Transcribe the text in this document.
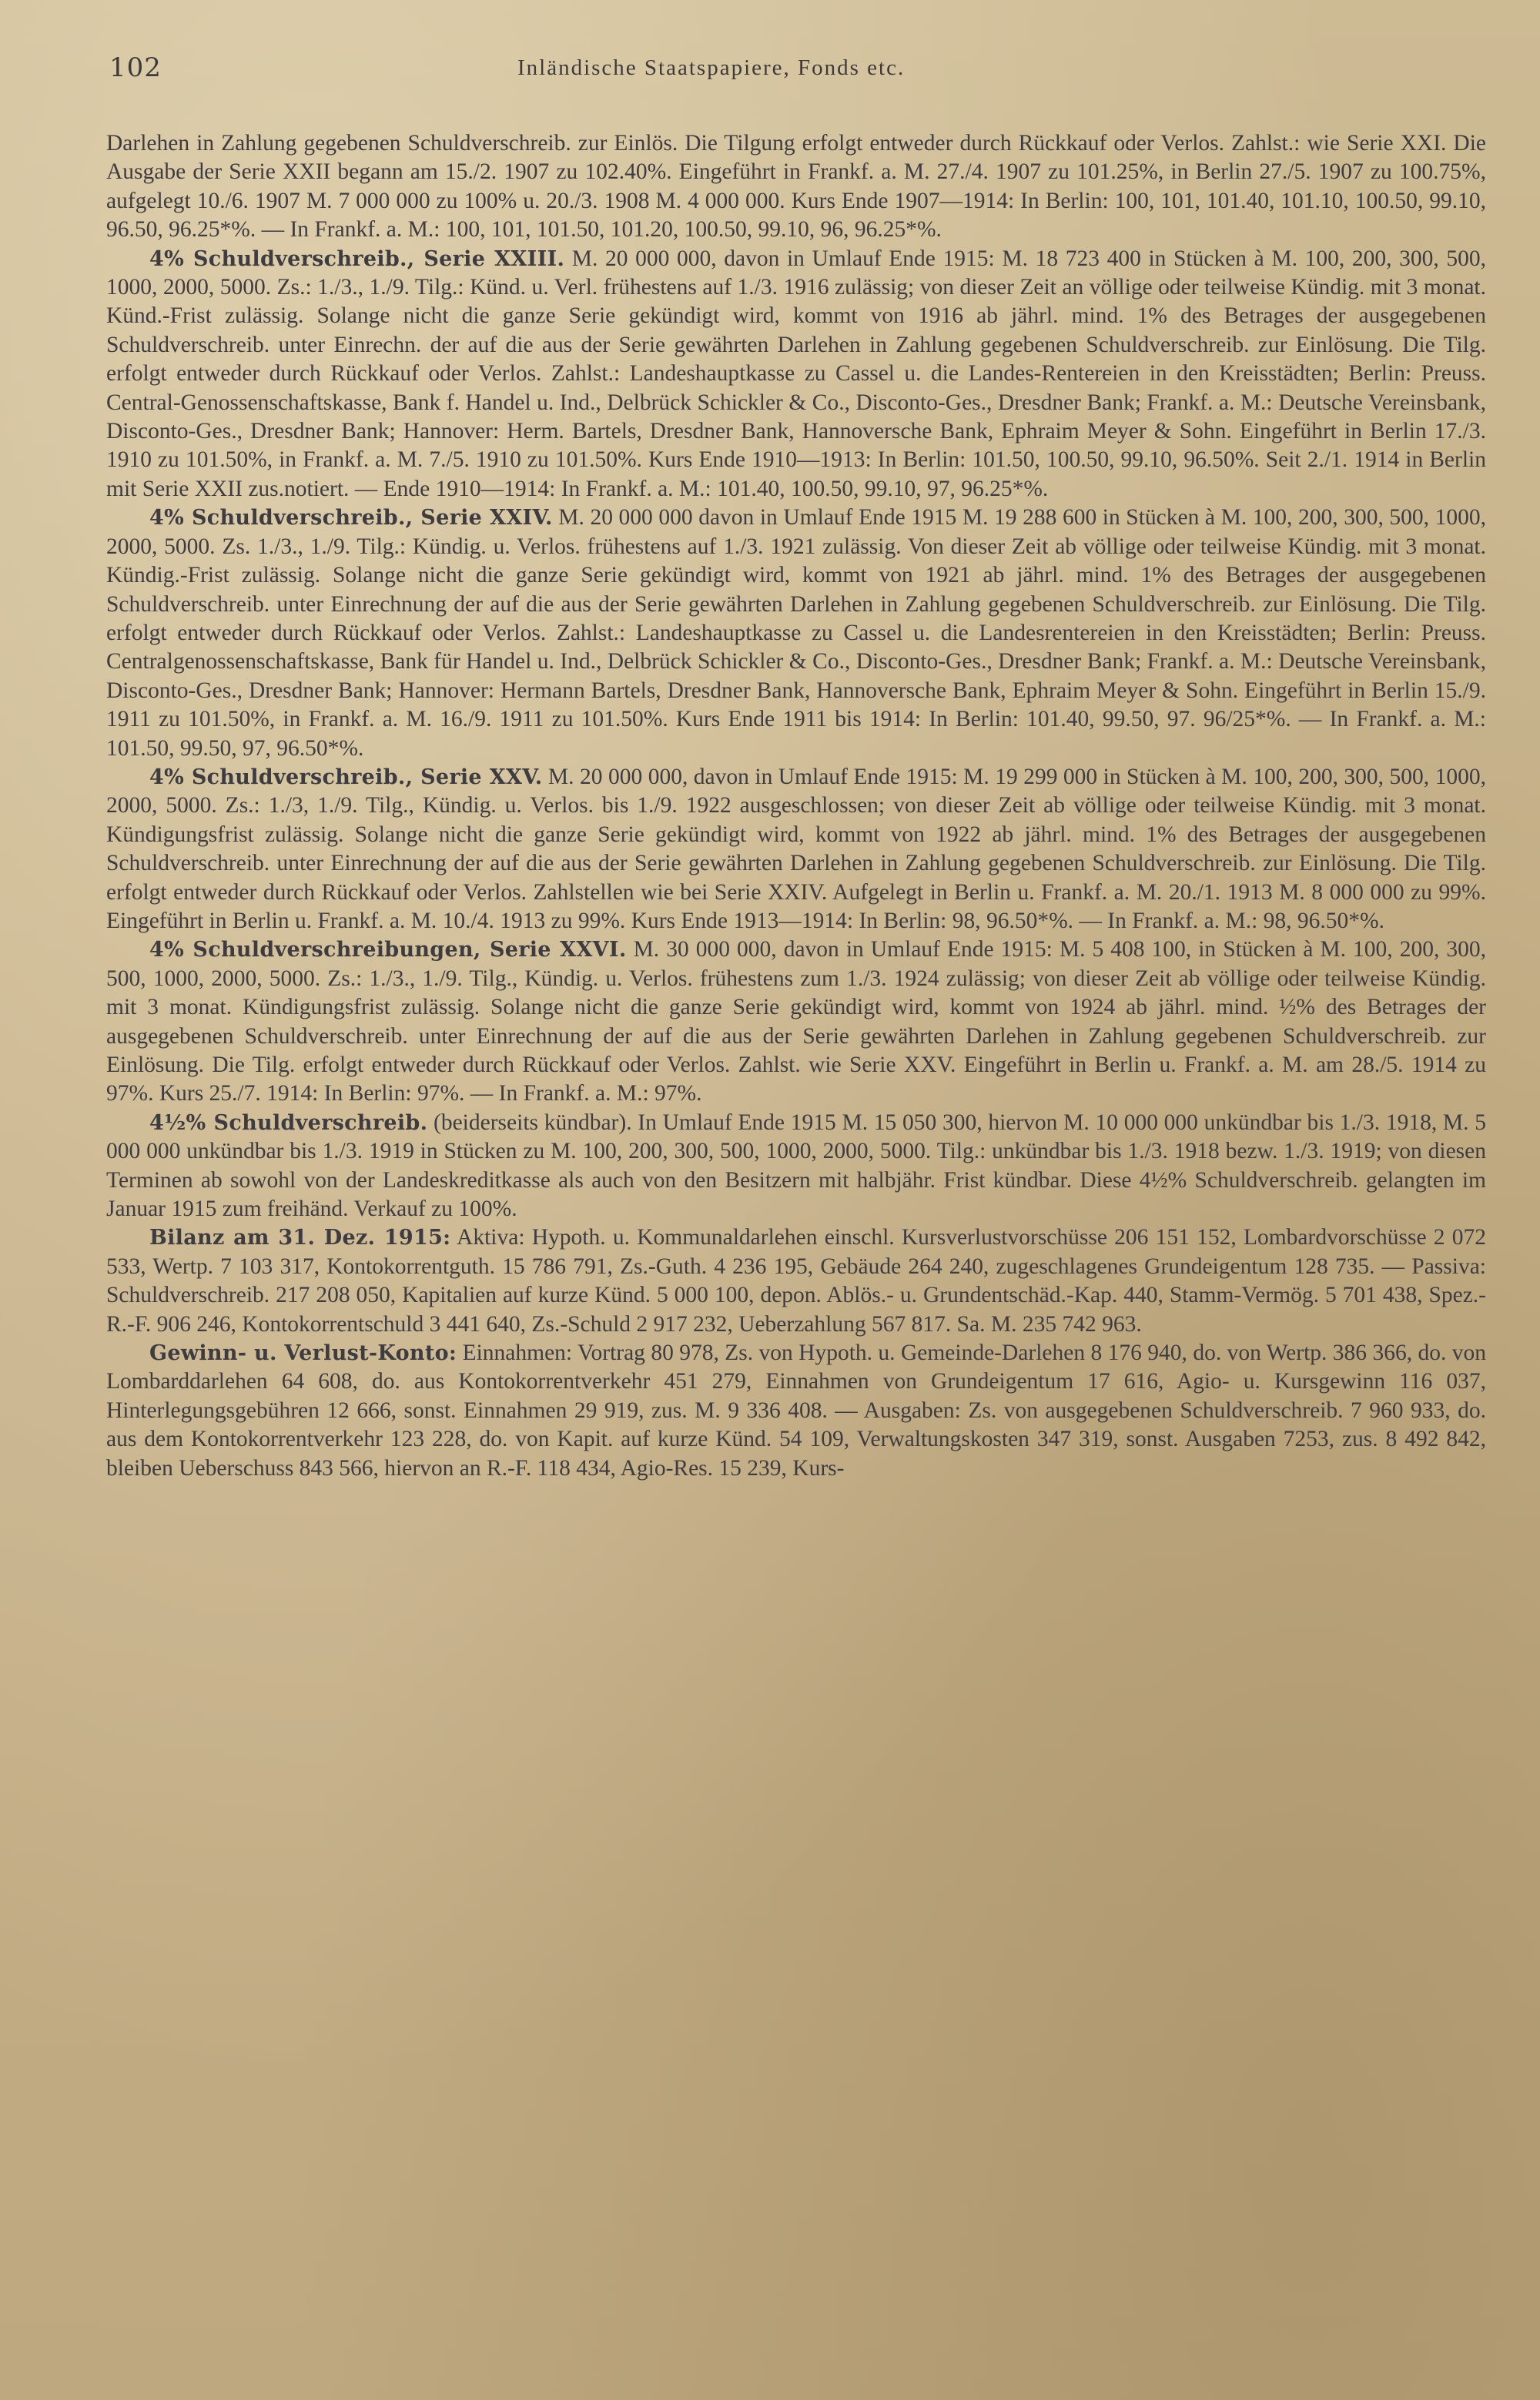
102	Inländische Staatspapiere, Fonds etc.

Darlehen in Zahlung gegebenen Schuldverschreib. zur Einlös. Die Tilgung erfolgt entweder durch Rückkauf oder Verlos. Zahlst.: wie Serie XXI. Die Ausgabe der Serie XXII begann am 15./2. 1907 zu 102.40%. Eingeführt in Frankf. a. M. 27./4. 1907 zu 101.25%, in Berlin 27./5. 1907 zu 100.75%, aufgelegt 10./6. 1907 M. 7 000 000 zu 100% u. 20./3. 1908 M. 4 000 000. Kurs Ende 1907—1914: In Berlin: 100, 101, 101.40, 101.10, 100.50, 99.10, 96.50, 96.25*%. — In Frankf. a. M.: 100, 101, 101.50, 101.20, 100.50, 99.10, 96, 96.25*%.

4% Schuldverschreib., Serie XXIII. M. 20 000 000, davon in Umlauf Ende 1915: M. 18 723 400 in Stücken à M. 100, 200, 300, 500, 1000, 2000, 5000. Zs.: 1./3., 1./9. Tilg.: Künd. u. Verl. frühestens auf 1./3. 1916 zulässig; von dieser Zeit an völlige oder teilweise Kündig. mit 3 monat. Künd.-Frist zulässig. Solange nicht die ganze Serie gekündigt wird, kommt von 1916 ab jährl. mind. 1% des Betrages der ausgegebenen Schuldverschreib. unter Einrechn. der auf die aus der Serie gewährten Darlehen in Zahlung gegebenen Schuldverschreib. zur Einlösung. Die Tilg. erfolgt entweder durch Rückkauf oder Verlos. Zahlst.: Landeshauptkasse zu Cassel u. die Landes-Rentereien in den Kreisstädten; Berlin: Preuss. Central-Genossenschaftskasse, Bank f. Handel u. Ind., Delbrück Schickler & Co., Disconto-Ges., Dresdner Bank; Frankf. a. M.: Deutsche Vereinsbank, Disconto-Ges., Dresdner Bank; Hannover: Herm. Bartels, Dresdner Bank, Hannoversche Bank, Ephraim Meyer & Sohn. Eingeführt in Berlin 17./3. 1910 zu 101.50%, in Frankf. a. M. 7./5. 1910 zu 101.50%. Kurs Ende 1910—1913: In Berlin: 101.50, 100.50, 99.10, 96.50%. Seit 2./1. 1914 in Berlin mit Serie XXII zus.notiert. — Ende 1910—1914: In Frankf. a. M.: 101.40, 100.50, 99.10, 97, 96.25*%.

4% Schuldverschreib., Serie XXIV. M. 20 000 000 davon in Umlauf Ende 1915 M. 19 288 600 in Stücken à M. 100, 200, 300, 500, 1000, 2000, 5000. Zs. 1./3., 1./9. Tilg.: Kündig. u. Verlos. frühestens auf 1./3. 1921 zulässig. Von dieser Zeit ab völlige oder teilweise Kündig. mit 3 monat. Kündig.-Frist zulässig. Solange nicht die ganze Serie gekündigt wird, kommt von 1921 ab jährl. mind. 1% des Betrages der ausgegebenen Schuldverschreib. unter Einrechnung der auf die aus der Serie gewährten Darlehen in Zahlung gegebenen Schuldverschreib. zur Einlösung. Die Tilg. erfolgt entweder durch Rückkauf oder Verlos. Zahlst.: Landeshauptkasse zu Cassel u. die Landesrentereien in den Kreisstädten; Berlin: Preuss. Centralgenossenschaftskasse, Bank für Handel u. Ind., Delbrück Schickler & Co., Disconto-Ges., Dresdner Bank; Frankf. a. M.: Deutsche Vereinsbank, Disconto-Ges., Dresdner Bank; Hannover: Hermann Bartels, Dresdner Bank, Hannoversche Bank, Ephraim Meyer & Sohn. Eingeführt in Berlin 15./9. 1911 zu 101.50%, in Frankf. a. M. 16./9. 1911 zu 101.50%. Kurs Ende 1911 bis 1914: In Berlin: 101.40, 99.50, 97. 96/25*%. — In Frankf. a. M.: 101.50, 99.50, 97, 96.50*%.

4% Schuldverschreib., Serie XXV. M. 20 000 000, davon in Umlauf Ende 1915: M. 19 299 000 in Stücken à M. 100, 200, 300, 500, 1000, 2000, 5000. Zs.: 1./3, 1./9. Tilg., Kündig. u. Verlos. bis 1./9. 1922 ausgeschlossen; von dieser Zeit ab völlige oder teilweise Kündig. mit 3 monat. Kündigungsfrist zulässig. Solange nicht die ganze Serie gekündigt wird, kommt von 1922 ab jährl. mind. 1% des Betrages der ausgegebenen Schuldverschreib. unter Einrechnung der auf die aus der Serie gewährten Darlehen in Zahlung gegebenen Schuldverschreib. zur Einlösung. Die Tilg. erfolgt entweder durch Rückkauf oder Verlos. Zahlstellen wie bei Serie XXIV. Aufgelegt in Berlin u. Frankf. a. M. 20./1. 1913 M. 8 000 000 zu 99%. Eingeführt in Berlin u. Frankf. a. M. 10./4. 1913 zu 99%. Kurs Ende 1913—1914: In Berlin: 98, 96.50*%. — In Frankf. a. M.: 98, 96.50*%.

4% Schuldverschreibungen, Serie XXVI. M. 30 000 000, davon in Umlauf Ende 1915: M. 5 408 100, in Stücken à M. 100, 200, 300, 500, 1000, 2000, 5000. Zs.: 1./3., 1./9. Tilg., Kündig. u. Verlos. frühestens zum 1./3. 1924 zulässig; von dieser Zeit ab völlige oder teilweise Kündig. mit 3 monat. Kündigungsfrist zulässig. Solange nicht die ganze Serie gekündigt wird, kommt von 1924 ab jährl. mind. ½% des Betrages der ausgegebenen Schuldverschreib. unter Einrechnung der auf die aus der Serie gewährten Darlehen in Zahlung gegebenen Schuldverschreib. zur Einlösung. Die Tilg. erfolgt entweder durch Rückkauf oder Verlos. Zahlst. wie Serie XXV. Eingeführt in Berlin u. Frankf. a. M. am 28./5. 1914 zu 97%. Kurs 25./7. 1914: In Berlin: 97%. — In Frankf. a. M.: 97%.

4½% Schuldverschreib. (beiderseits kündbar). In Umlauf Ende 1915 M. 15 050 300, hiervon M. 10 000 000 unkündbar bis 1./3. 1918, M. 5 000 000 unkündbar bis 1./3. 1919 in Stücken zu M. 100, 200, 300, 500, 1000, 2000, 5000. Tilg.: unkündbar bis 1./3. 1918 bezw. 1./3. 1919; von diesen Terminen ab sowohl von der Landeskreditkasse als auch von den Besitzern mit halbjähr. Frist kündbar. Diese 4½% Schuldverschreib. gelangten im Januar 1915 zum freihänd. Verkauf zu 100%.

Bilanz am 31. Dez. 1915: Aktiva: Hypoth. u. Kommunaldarlehen einschl. Kursverlustvorschüsse 206 151 152, Lombardvorschüsse 2 072 533, Wertp. 7 103 317, Kontokorrentguth. 15 786 791, Zs.-Guth. 4 236 195, Gebäude 264 240, zugeschlagenes Grundeigentum 128 735. — Passiva: Schuldverschreib. 217 208 050, Kapitalien auf kurze Künd. 5 000 100, depon. Ablös.- u. Grundentschäd.-Kap. 440, Stamm-Vermög. 5 701 438, Spez.-R.-F. 906 246, Kontokorrentschuld 3 441 640, Zs.-Schuld 2 917 232, Ueberzahlung 567 817. Sa. M. 235 742 963.

Gewinn- u. Verlust-Konto: Einnahmen: Vortrag 80 978, Zs. von Hypoth. u. Gemeinde-Darlehen 8 176 940, do. von Wertp. 386 366, do. von Lombarddarlehen 64 608, do. aus Kontokorrentverkehr 451 279, Einnahmen von Grundeigentum 17 616, Agio- u. Kursgewinn 116 037, Hinterlegungsgebühren 12 666, sonst. Einnahmen 29 919, zus. M. 9 336 408. — Ausgaben: Zs. von ausgegebenen Schuldverschreib. 7 960 933, do. aus dem Kontokorrentverkehr 123 228, do. von Kapit. auf kurze Künd. 54 109, Verwaltungskosten 347 319, sonst. Ausgaben 7253, zus. 8 492 842, bleiben Ueberschuss 843 566, hiervon an R.-F. 118 434, Agio-Res. 15 239, Kurs-
